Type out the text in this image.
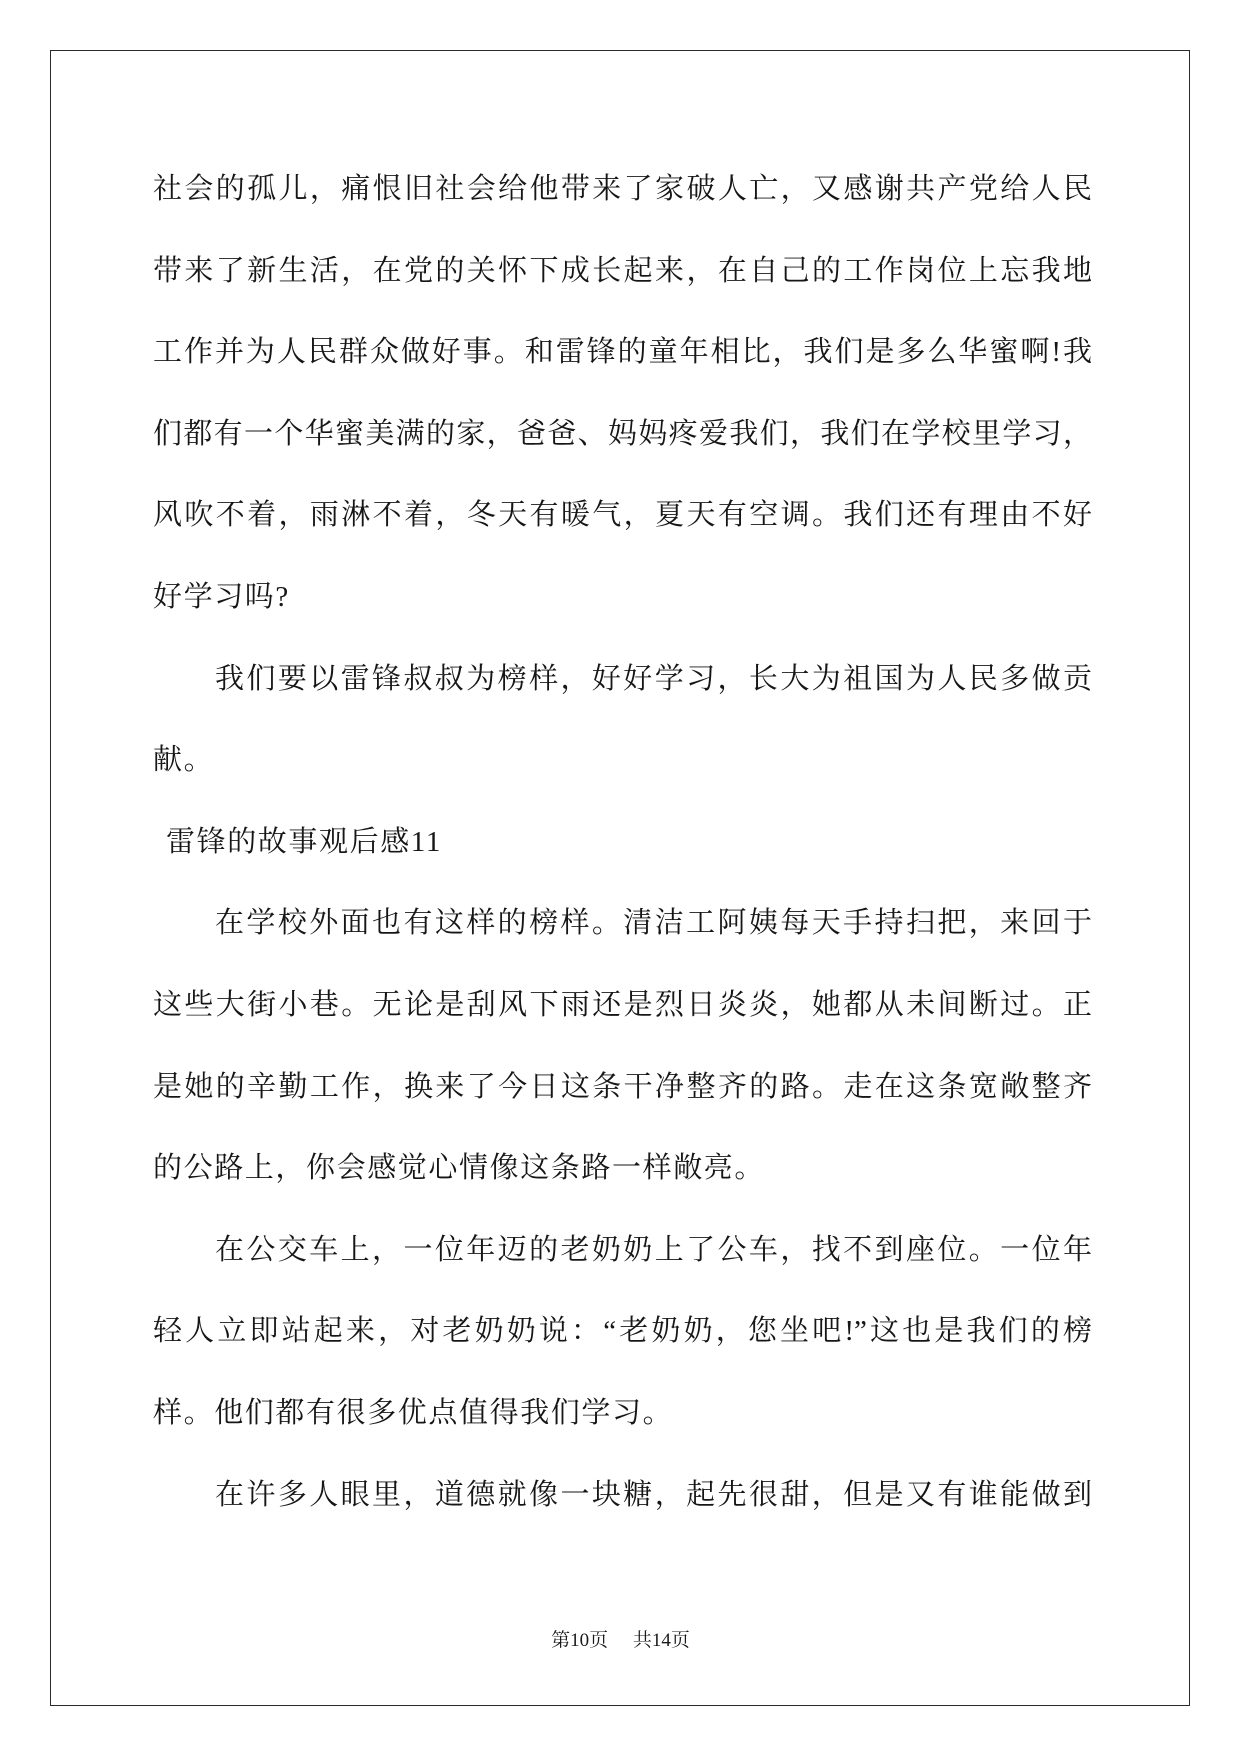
社会的孤儿，痛恨旧社会给他带来了家破人亡，又感谢共产党给人民
带来了新生活，在党的关怀下成长起来，在自己的工作岗位上忘我地
工作并为人民群众做好事。和雷锋的童年相比，我们是多么华蜜啊!我
们都有一个华蜜美满的家，爸爸、妈妈疼爱我们，我们在学校里学习，
风吹不着，雨淋不着，冬天有暖气，夏天有空调。我们还有理由不好
好学习吗?
我们要以雷锋叔叔为榜样，好好学习，长大为祖国为人民多做贡
献。
雷锋的故事观后感11
在学校外面也有这样的榜样。清洁工阿姨每天手持扫把，来回于
这些大街小巷。无论是刮风下雨还是烈日炎炎，她都从未间断过。正
是她的辛勤工作，换来了今日这条干净整齐的路。走在这条宽敞整齐
的公路上，你会感觉心情像这条路一样敞亮。
在公交车上，一位年迈的老奶奶上了公车，找不到座位。一位年
轻人立即站起来，对老奶奶说：“老奶奶，您坐吧!”这也是我们的榜
样。他们都有很多优点值得我们学习。
在许多人眼里，道德就像一块糖，起先很甜，但是又有谁能做到
第10页 共14页
